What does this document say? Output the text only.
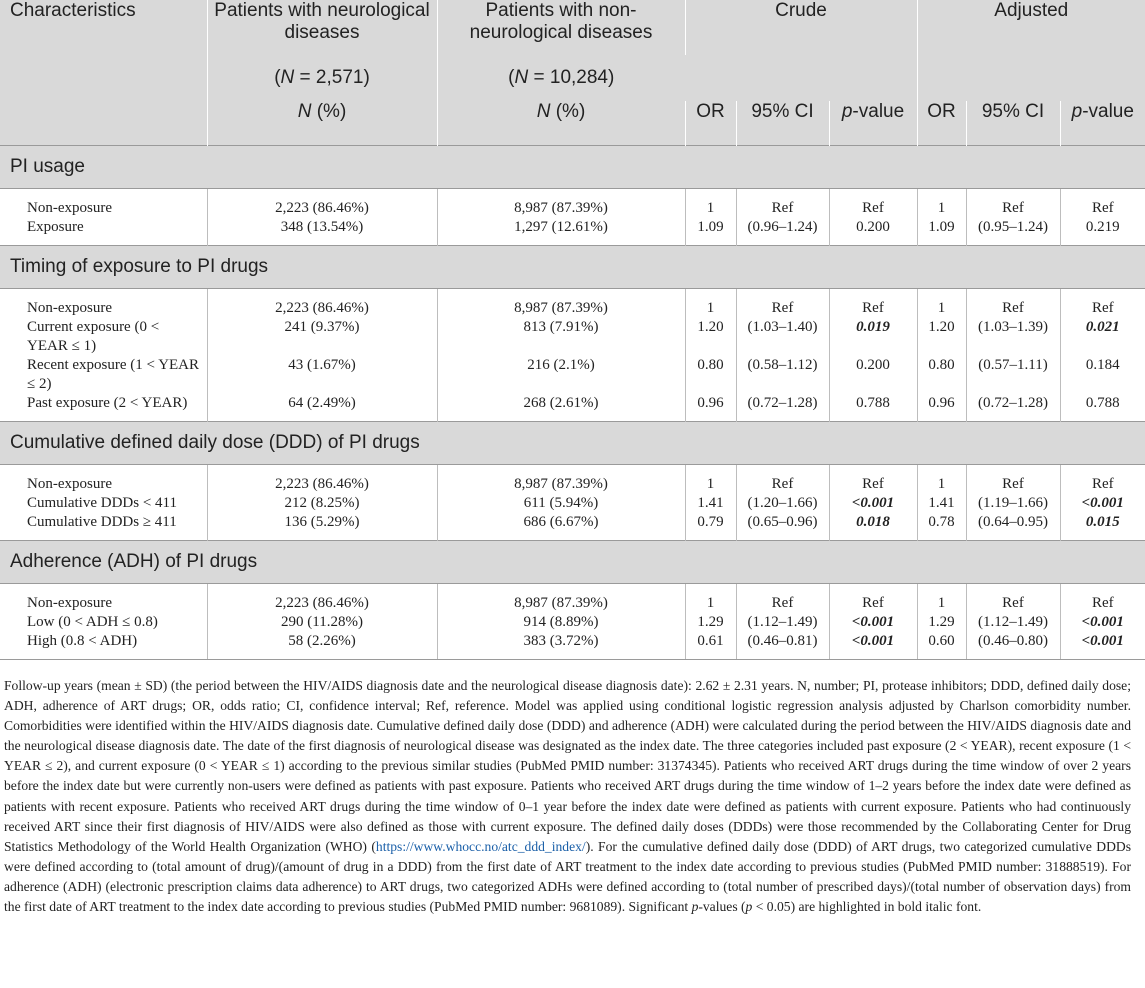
Characteristics	Patients with neurological diseases	Patients with non-neurological diseases	Crude			Adjusted		
	(N = 2,571)	(N = 10,284)						
	N (%)	N (%)	OR	95% CI	p-value	OR	95% CI	p-value
PI usage								
Non-exposure	2,223 (86.46%)	8,987 (87.39%)	1	Ref	Ref	1	Ref	Ref
Exposure	348 (13.54%)	1,297 (12.61%)	1.09	(0.96–1.24)	0.200	1.09	(0.95–1.24)	0.219
Timing of exposure to PI drugs								
Non-exposure	2,223 (86.46%)	8,987 (87.39%)	1	Ref	Ref	1	Ref	Ref
Current exposure (0 < YEAR ≤ 1)	241 (9.37%)	813 (7.91%)	1.20	(1.03–1.40)	0.019	1.20	(1.03–1.39)	0.021
Recent exposure (1 < YEAR ≤ 2)	43 (1.67%)	216 (2.1%)	0.80	(0.58–1.12)	0.200	0.80	(0.57–1.11)	0.184
Past exposure (2 < YEAR)	64 (2.49%)	268 (2.61%)	0.96	(0.72–1.28)	0.788	0.96	(0.72–1.28)	0.788
Cumulative defined daily dose (DDD) of PI drugs								
Non-exposure	2,223 (86.46%)	8,987 (87.39%)	1	Ref	Ref	1	Ref	Ref
Cumulative DDDs < 411	212 (8.25%)	611 (5.94%)	1.41	(1.20–1.66)	<0.001	1.41	(1.19–1.66)	<0.001
Cumulative DDDs ≥ 411	136 (5.29%)	686 (6.67%)	0.79	(0.65–0.96)	0.018	0.78	(0.64–0.95)	0.015
Adherence (ADH) of PI drugs								
Non-exposure	2,223 (86.46%)	8,987 (87.39%)	1	Ref	Ref	1	Ref	Ref
Low (0 < ADH ≤ 0.8)	290 (11.28%)	914 (8.89%)	1.29	(1.12–1.49)	<0.001	1.29	(1.12–1.49)	<0.001
High (0.8 < ADH)	58 (2.26%)	383 (3.72%)	0.61	(0.46–0.81)	<0.001	0.60	(0.46–0.80)	<0.001

Follow-up years (mean ± SD) (the period between the HIV/AIDS diagnosis date and the neurological disease diagnosis date): 2.62 ± 2.31 years. N, number; PI, protease inhibitors; DDD, defined daily dose; ADH, adherence of ART drugs; OR, odds ratio; CI, confidence interval; Ref, reference. Model was applied using conditional logistic regression analysis adjusted by Charlson comorbidity number. Comorbidities were identified within the HIV/AIDS diagnosis date. Cumulative defined daily dose (DDD) and adherence (ADH) were calculated during the period between the HIV/AIDS diagnosis date and the neurological disease diagnosis date. The date of the first diagnosis of neurological disease was designated as the index date. The three categories included past exposure (2 < YEAR), recent exposure (1 < YEAR ≤ 2), and current exposure (0 < YEAR ≤ 1) according to the previous similar studies (PubMed PMID number: 31374345). Patients who received ART drugs during the time window of over 2 years before the index date but were currently non-users were defined as patients with past exposure. Patients who received ART drugs during the time window of 1–2 years before the index date were defined as patients with recent exposure. Patients who received ART drugs during the time window of 0–1 year before the index date were defined as patients with current exposure. Patients who had continuously received ART since their first diagnosis of HIV/AIDS were also defined as those with current exposure. The defined daily doses (DDDs) were those recommended by the Collaborating Center for Drug Statistics Methodology of the World Health Organization (WHO) (https://www.whocc.no/atc_ddd_index/). For the cumulative defined daily dose (DDD) of ART drugs, two categorized cumulative DDDs were defined according to (total amount of drug)/(amount of drug in a DDD) from the first date of ART treatment to the index date according to previous studies (PubMed PMID number: 31888519). For adherence (ADH) (electronic prescription claims data adherence) to ART drugs, two categorized ADHs were defined according to (total number of prescribed days)/(total number of observation days) from the first date of ART treatment to the index date according to previous studies (PubMed PMID number: 9681089). Significant p-values (p < 0.05) are highlighted in bold italic font.
